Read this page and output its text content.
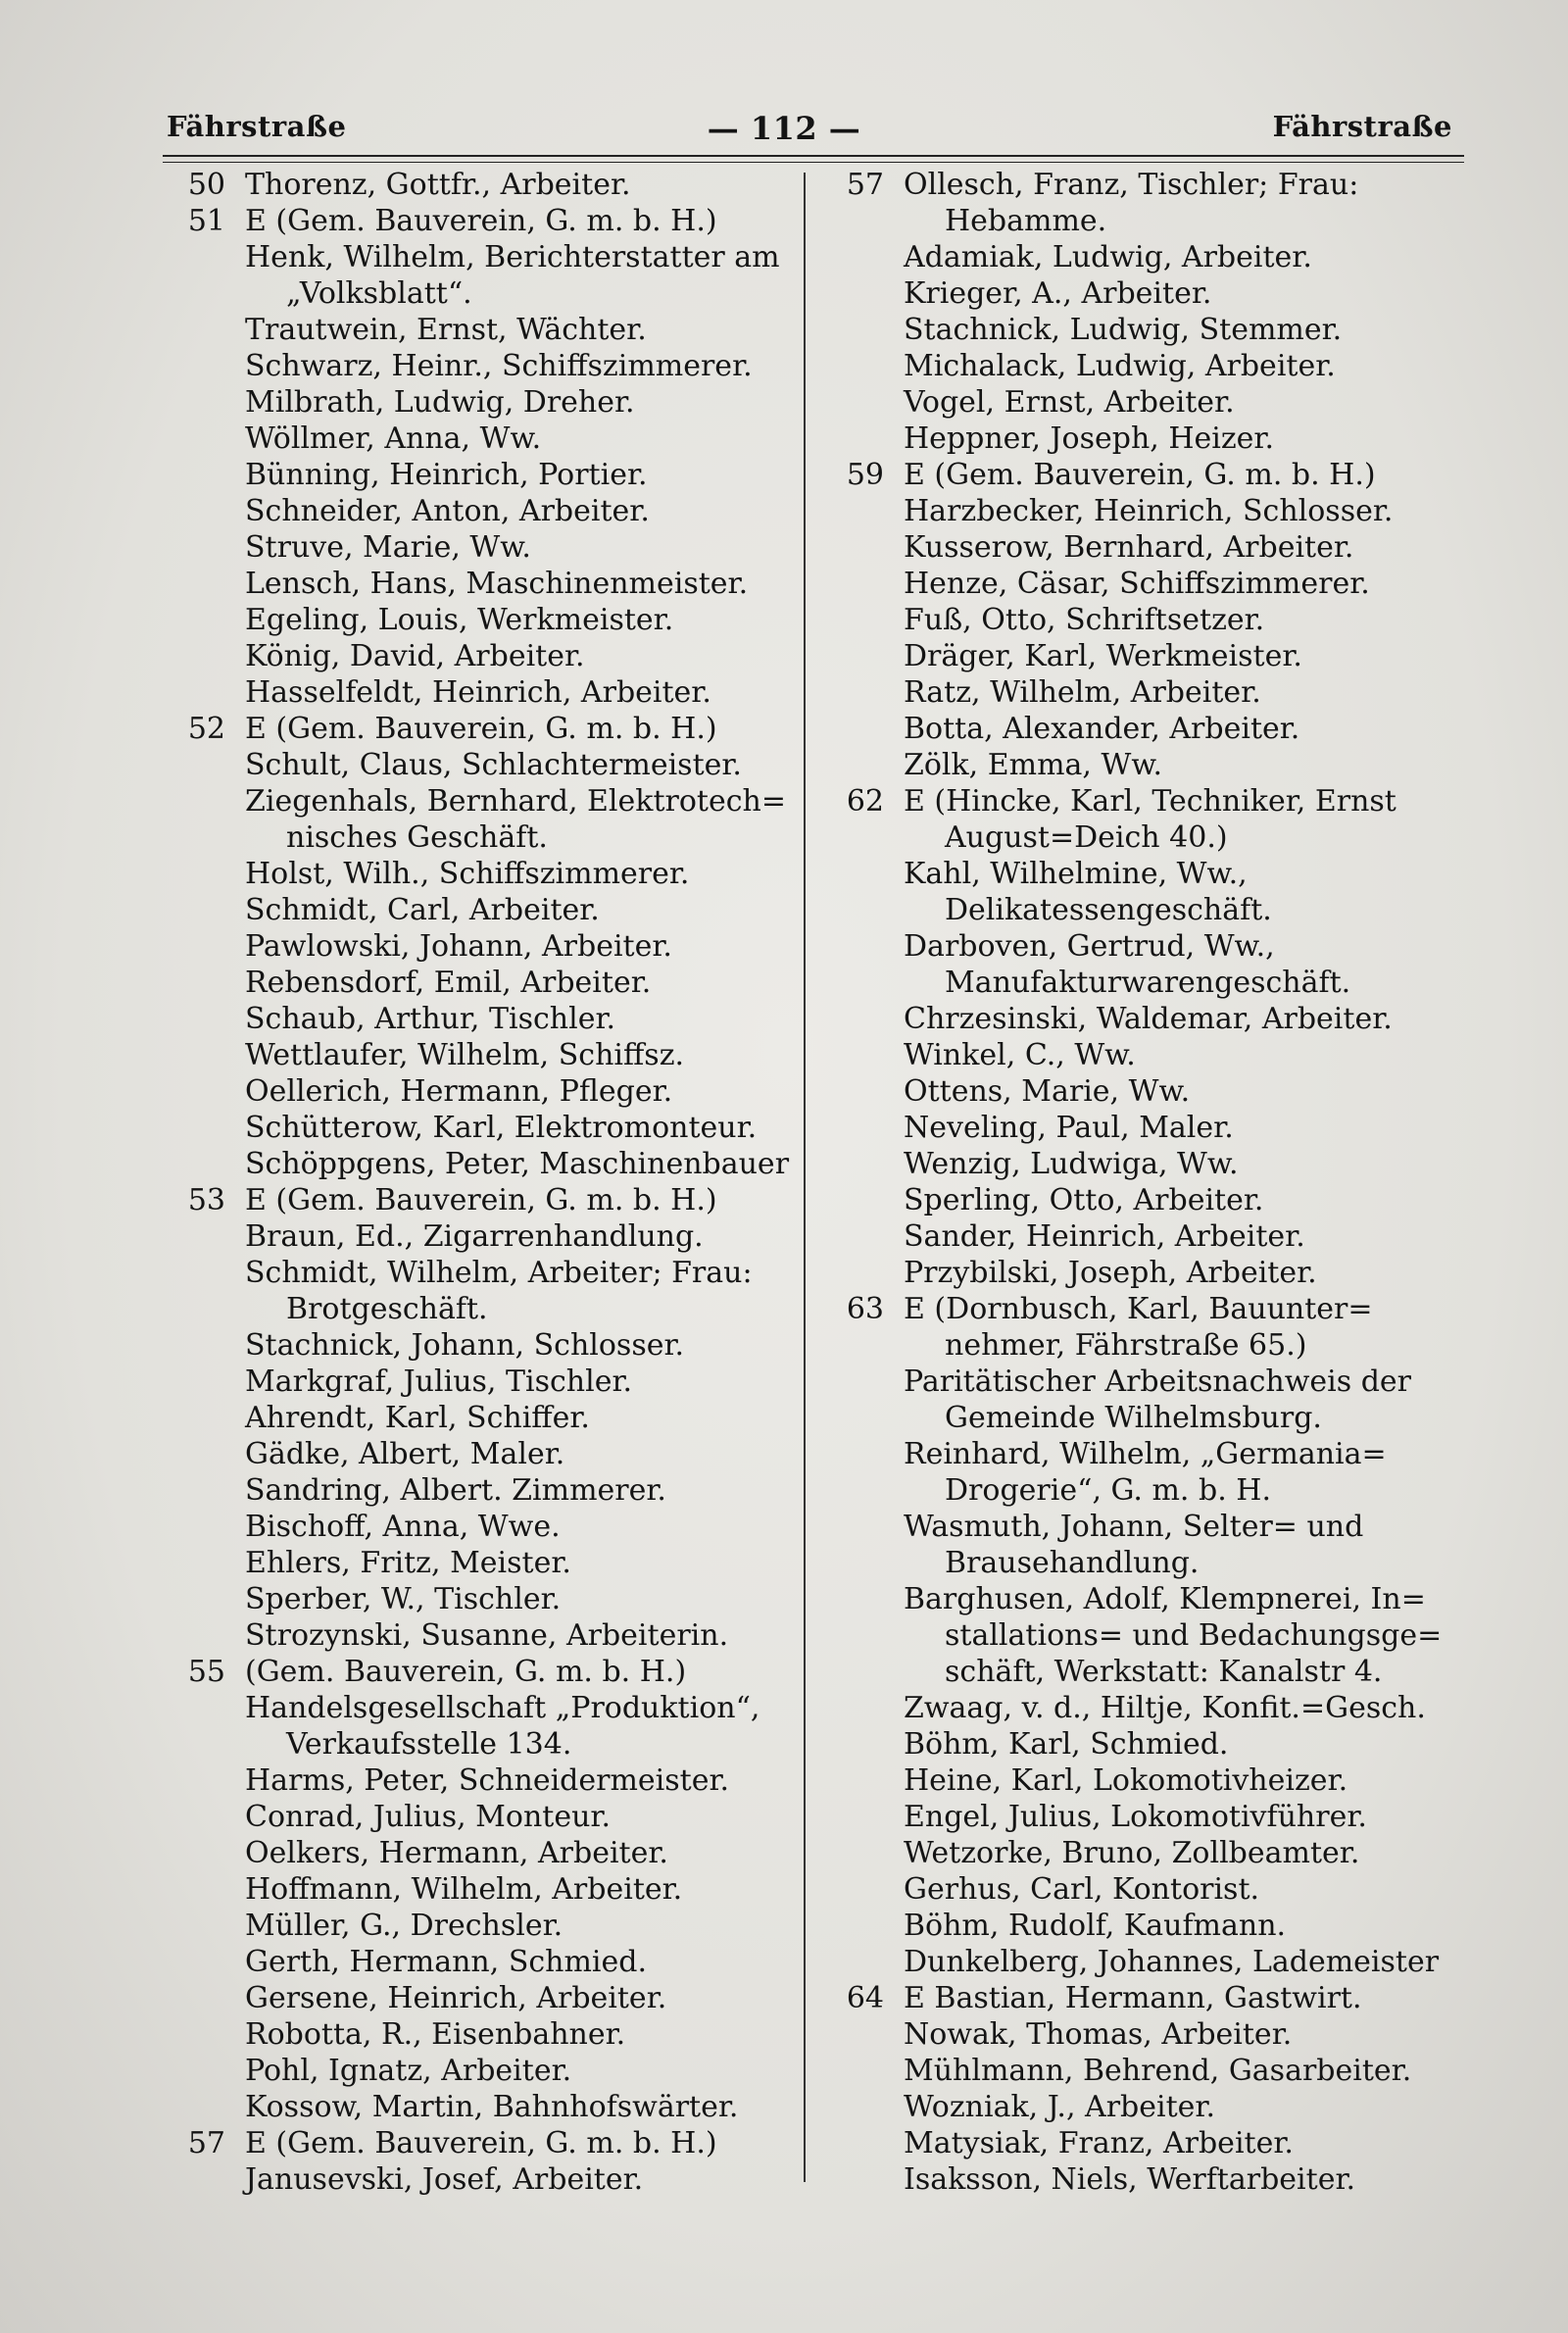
Fährstraße	— 112 —	Fährstraße
50 Thorenz, Gottfr., Arbeiter.
51 E (Gem. Bauverein, G. m. b. H.)
Henk, Wilhelm, Berichterstatter am
„Volksblatt“.
Trautwein, Ernst, Wächter.
Schwarz, Heinr., Schiffszimmerer.
Milbrath, Ludwig, Dreher.
Wöllmer, Anna, Ww.
Bünning, Heinrich, Portier.
Schneider, Anton, Arbeiter.
Struve, Marie, Ww.
Lensch, Hans, Maschinenmeister.
Egeling, Louis, Werkmeister.
König, David, Arbeiter.
Hasselfeldt, Heinrich, Arbeiter.
52 E (Gem. Bauverein, G. m. b. H.)
Schult, Claus, Schlachtermeister.
Ziegenhals, Bernhard, Elektrotech=
nisches Geschäft.
Holst, Wilh., Schiffszimmerer.
Schmidt, Carl, Arbeiter.
Pawlowski, Johann, Arbeiter.
Rebensdorf, Emil, Arbeiter.
Schaub, Arthur, Tischler.
Wettlaufer, Wilhelm, Schiffsz.
Oellerich, Hermann, Pfleger.
Schütterow, Karl, Elektromonteur.
Schöppgens, Peter, Maschinenbauer
53 E (Gem. Bauverein, G. m. b. H.)
Braun, Ed., Zigarrenhandlung.
Schmidt, Wilhelm, Arbeiter; Frau:
Brotgeschäft.
Stachnick, Johann, Schlosser.
Markgraf, Julius, Tischler.
Ahrendt, Karl, Schiffer.
Gädke, Albert, Maler.
Sandring, Albert. Zimmerer.
Bischoff, Anna, Wwe.
Ehlers, Fritz, Meister.
Sperber, W., Tischler.
Strozynski, Susanne, Arbeiterin.
55 (Gem. Bauverein, G. m. b. H.)
Handelsgesellschaft „Produktion“,
Verkaufsstelle 134.
Harms, Peter, Schneidermeister.
Conrad, Julius, Monteur.
Oelkers, Hermann, Arbeiter.
Hoffmann, Wilhelm, Arbeiter.
Müller, G., Drechsler.
Gerth, Hermann, Schmied.
Gersene, Heinrich, Arbeiter.
Robotta, R., Eisenbahner.
Pohl, Ignatz, Arbeiter.
Kossow, Martin, Bahnhofswärter.
57 E (Gem. Bauverein, G. m. b. H.)
Janusevski, Josef, Arbeiter.
57 Ollesch, Franz, Tischler; Frau:
Hebamme.
Adamiak, Ludwig, Arbeiter.
Krieger, A., Arbeiter.
Stachnick, Ludwig, Stemmer.
Michalack, Ludwig, Arbeiter.
Vogel, Ernst, Arbeiter.
Heppner, Joseph, Heizer.
59 E (Gem. Bauverein, G. m. b. H.)
Harzbecker, Heinrich, Schlosser.
Kusserow, Bernhard, Arbeiter.
Henze, Cäsar, Schiffszimmerer.
Fuß, Otto, Schriftsetzer.
Dräger, Karl, Werkmeister.
Ratz, Wilhelm, Arbeiter.
Botta, Alexander, Arbeiter.
Zölk, Emma, Ww.
62 E (Hincke, Karl, Techniker, Ernst
August=Deich 40.)
Kahl, Wilhelmine, Ww.,
Delikatessengeschäft.
Darboven, Gertrud, Ww.,
Manufakturwarengeschäft.
Chrzesinski, Waldemar, Arbeiter.
Winkel, C., Ww.
Ottens, Marie, Ww.
Neveling, Paul, Maler.
Wenzig, Ludwiga, Ww.
Sperling, Otto, Arbeiter.
Sander, Heinrich, Arbeiter.
Przybilski, Joseph, Arbeiter.
63 E (Dornbusch, Karl, Bauunter=
nehmer, Fährstraße 65.)
Paritätischer Arbeitsnachweis der
Gemeinde Wilhelmsburg.
Reinhard, Wilhelm, „Germania=
Drogerie“, G. m. b. H.
Wasmuth, Johann, Selter= und
Brausehandlung.
Barghusen, Adolf, Klempnerei, In=
stallations= und Bedachungsge=
schäft, Werkstatt: Kanalstr 4.
Zwaag, v. d., Hiltje, Konfit.=Gesch.
Böhm, Karl, Schmied.
Heine, Karl, Lokomotivheizer.
Engel, Julius, Lokomotivführer.
Wetzorke, Bruno, Zollbeamter.
Gerhus, Carl, Kontorist.
Böhm, Rudolf, Kaufmann.
Dunkelberg, Johannes, Lademeister
64 E Bastian, Hermann, Gastwirt.
Nowak, Thomas, Arbeiter.
Mühlmann, Behrend, Gasarbeiter.
Wozniak, J., Arbeiter.
Matysiak, Franz, Arbeiter.
Isaksson, Niels, Werftarbeiter.
